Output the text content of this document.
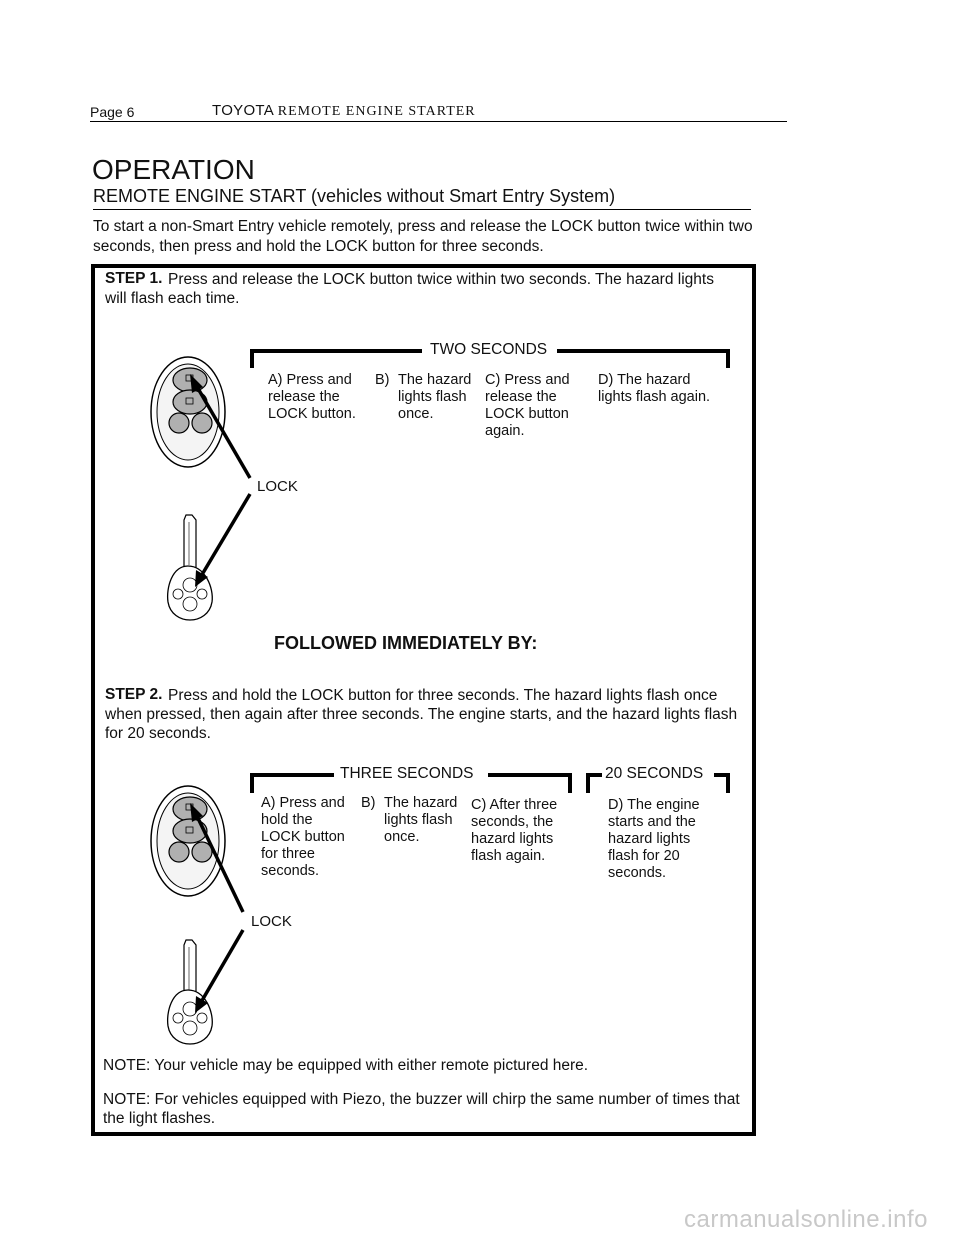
Page 6	TOYOTA REMOTE ENGINE STARTER
OPERATION
REMOTE ENGINE START (vehicles without Smart Entry System)
To start a non-Smart Entry vehicle remotely, press and release the LOCK button twice within two seconds, then press and hold the LOCK button for three seconds.
STEP 1. Press and release the LOCK button twice within two seconds. The hazard lights will flash each time.
TWO SECONDS
A) Press and release the LOCK button.
B) The hazard lights flash once.
C) Press and release the LOCK button again.
D) The hazard lights flash again.
LOCK
FOLLOWED IMMEDIATELY BY:
STEP 2. Press and hold the LOCK button for three seconds. The hazard lights flash once when pressed, then again after three seconds. The engine starts, and the hazard lights flash for 20 seconds.
THREE SECONDS	20 SECONDS
A) Press and hold the LOCK button for three seconds.
B) The hazard lights flash once.
C) After three seconds, the hazard lights flash again.
D) The engine starts and the hazard lights flash for 20 seconds.
LOCK
NOTE: Your vehicle may be equipped with either remote pictured here.
NOTE: For vehicles equipped with Piezo, the buzzer will chirp the same number of times that the light flashes.
carmanualsonline.info
